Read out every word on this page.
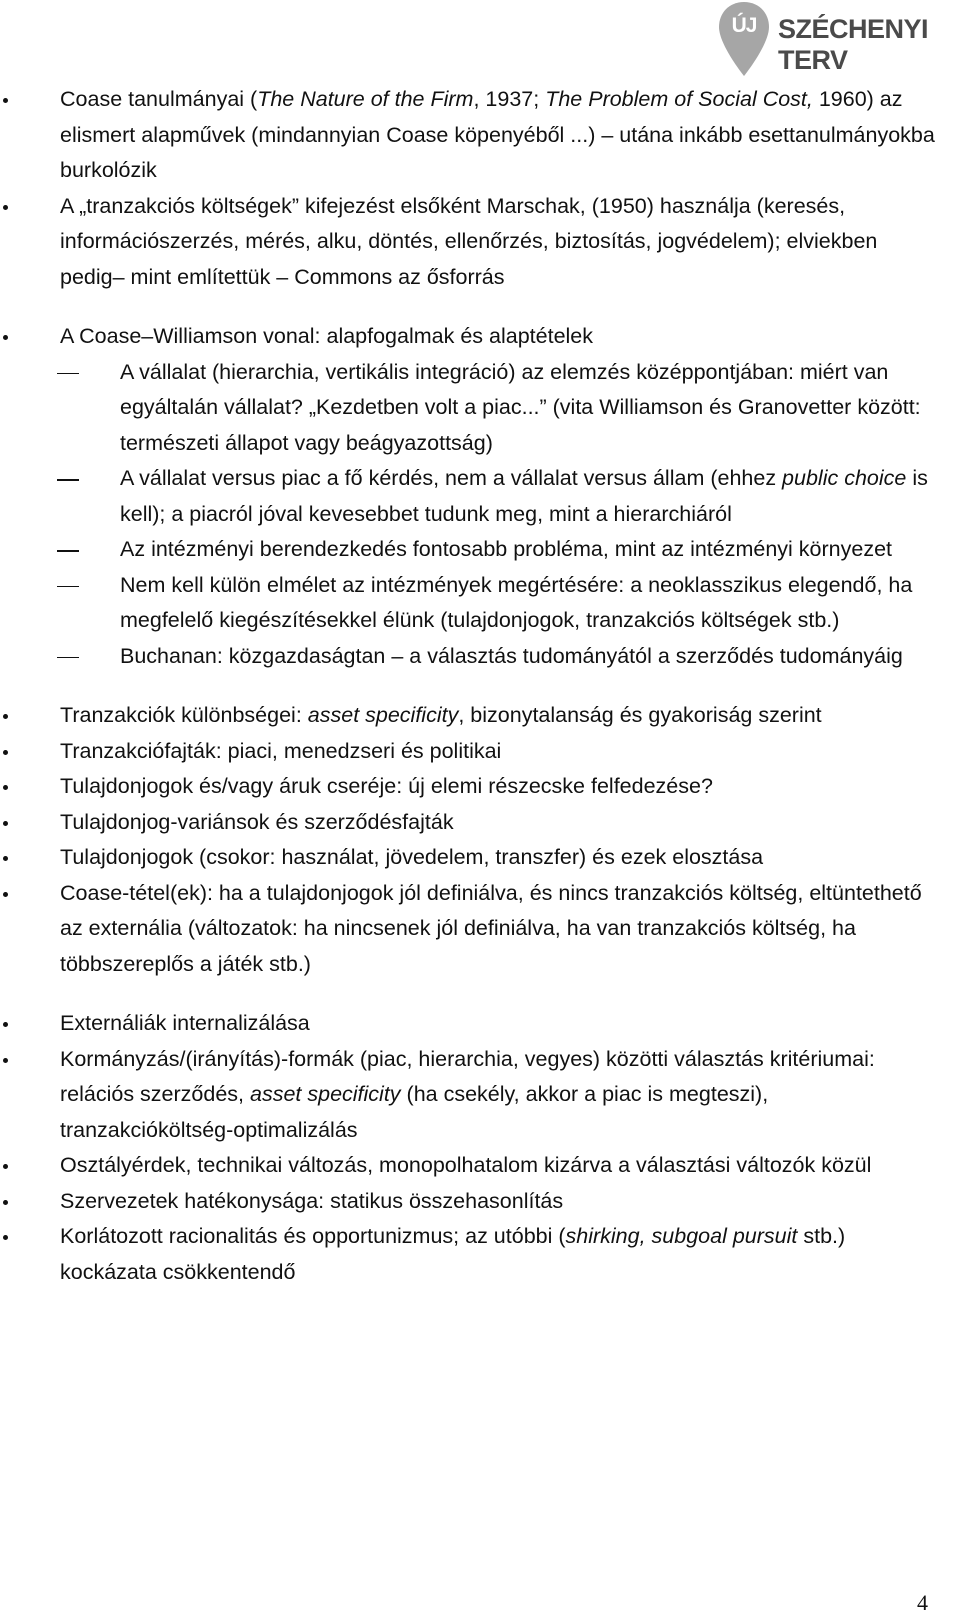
ÚJ SZÉCHENYI TERV
Coase tanulmányai (The Nature of the Firm, 1937; The Problem of Social Cost, 1960) az elismert alapművek (mindannyian Coase köpenyéből ...) – utána inkább esettanulmányokba burkolózik
A „tranzakciós költségek” kifejezést elsőként Marschak, (1950) használja (keresés, információszerzés, mérés, alku, döntés, ellenőrzés, biztosítás, jogvédelem); elviekben pedig– mint említettük – Commons az ősforrás
A Coase–Williamson vonal: alapfogalmak és alaptételek
A vállalat (hierarchia, vertikális integráció) az elemzés középpontjában: miért van egyáltalán vállalat? „Kezdetben volt a piac...” (vita Williamson és Granovetter között: természeti állapot vagy beágyazottság)
A vállalat versus piac a fő kérdés, nem a vállalat versus állam (ehhez public choice is kell); a piacról jóval kevesebbet tudunk meg, mint a hierarchiáról
Az intézményi berendezkedés fontosabb probléma, mint az intézményi környezet
Nem kell külön elmélet az intézmények megértésére: a neoklasszikus elegendő, ha megfelelő kiegészítésekkel élünk (tulajdonjogok, tranzakciós költségek stb.)
Buchanan: közgazdaságtan – a választás tudományától a szerződés tudományáig
Tranzakciók különbségei: asset specificity, bizonytalanság és gyakoriság szerint
Tranzakciófajták: piaci, menedzseri és politikai
Tulajdonjogok és/vagy áruk cseréje: új elemi részecske felfedezése?
Tulajdonjog-variánsok és szerződésfajták
Tulajdonjogok (csokor: használat, jövedelem, transzfer) és ezek elosztása
Coase-tétel(ek): ha a tulajdonjogok jól definiálva, és nincs tranzakciós költség, eltüntethető az externália (változatok: ha nincsenek jól definiálva, ha van tranzakciós költség, ha többszereplős a játék stb.)
Externáliák internalizálása
Kormányzás/(irányítás)-formák (piac, hierarchia, vegyes) közötti választás kritériumai: relációs szerződés, asset specificity (ha csekély, akkor a piac is megteszi), tranzakcióköltség-optimalizálás
Osztályérdek, technikai változás, monopolhatalom kizárva a választási változók közül
Szervezetek hatékonysága: statikus összehasonlítás
Korlátozott racionalitás és opportunizmus; az utóbbi (shirking, subgoal pursuit stb.) kockázata csökkentendő
4
